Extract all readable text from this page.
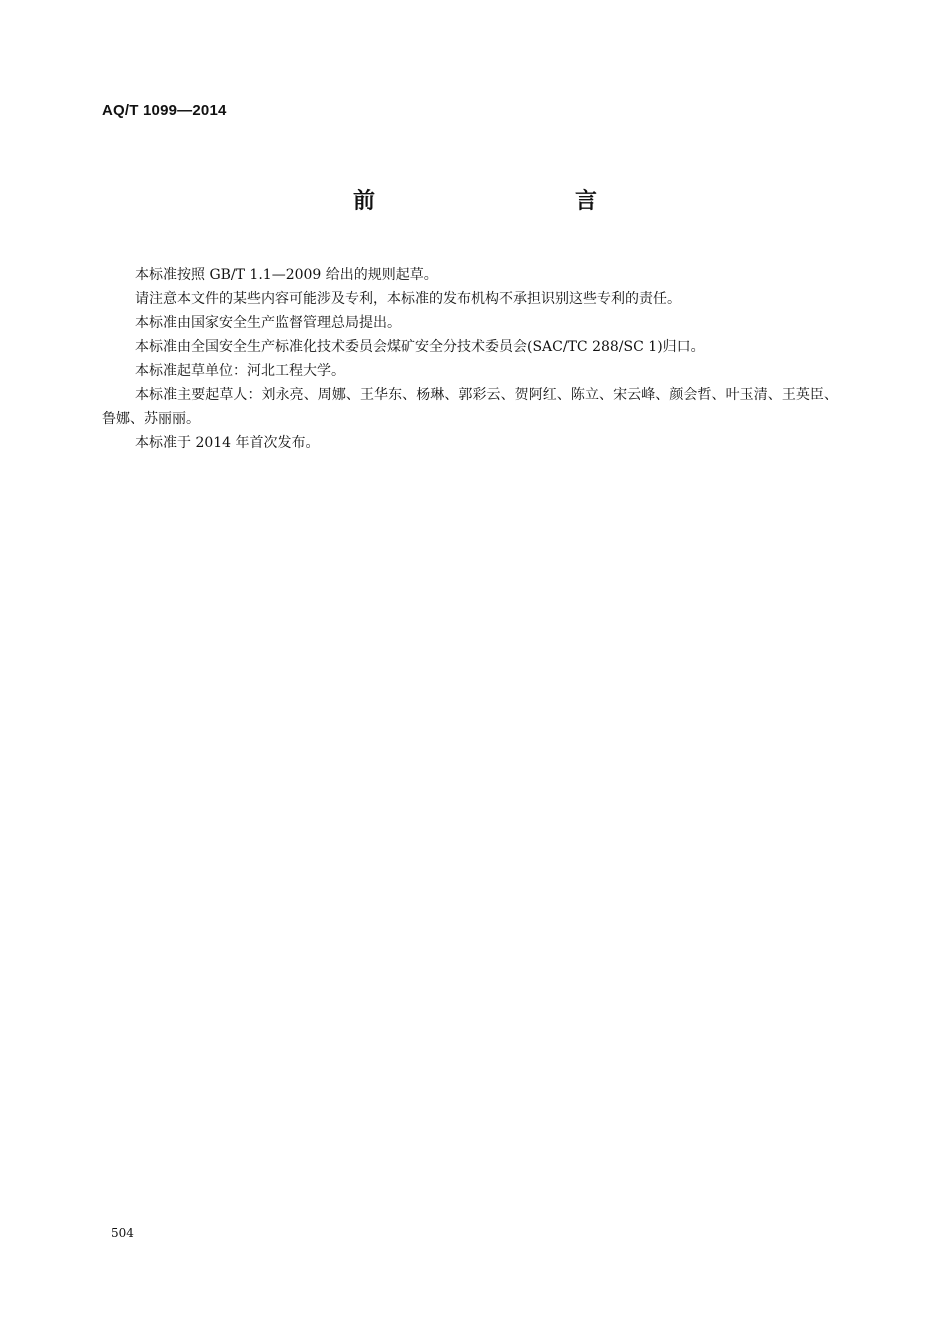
AQ/T 1099—2014
前　　言

本标准按照 GB/T 1.1—2009 给出的规则起草。

请注意本文件的某些内容可能涉及专利，本标准的发布机构不承担识别这些专利的责任。

本标准由国家安全生产监督管理总局提出。

本标准由全国安全生产标准化技术委员会煤矿安全分技术委员会(SAC/TC 288/SC 1)归口。

本标准起草单位：河北工程大学。

本标准主要起草人：刘永亮、周娜、王华东、杨琳、郭彩云、贺阿红、陈立、宋云峰、颜会哲、叶玉清、王英臣、鲁娜、苏丽丽。

本标准于 2014 年首次发布。

504
